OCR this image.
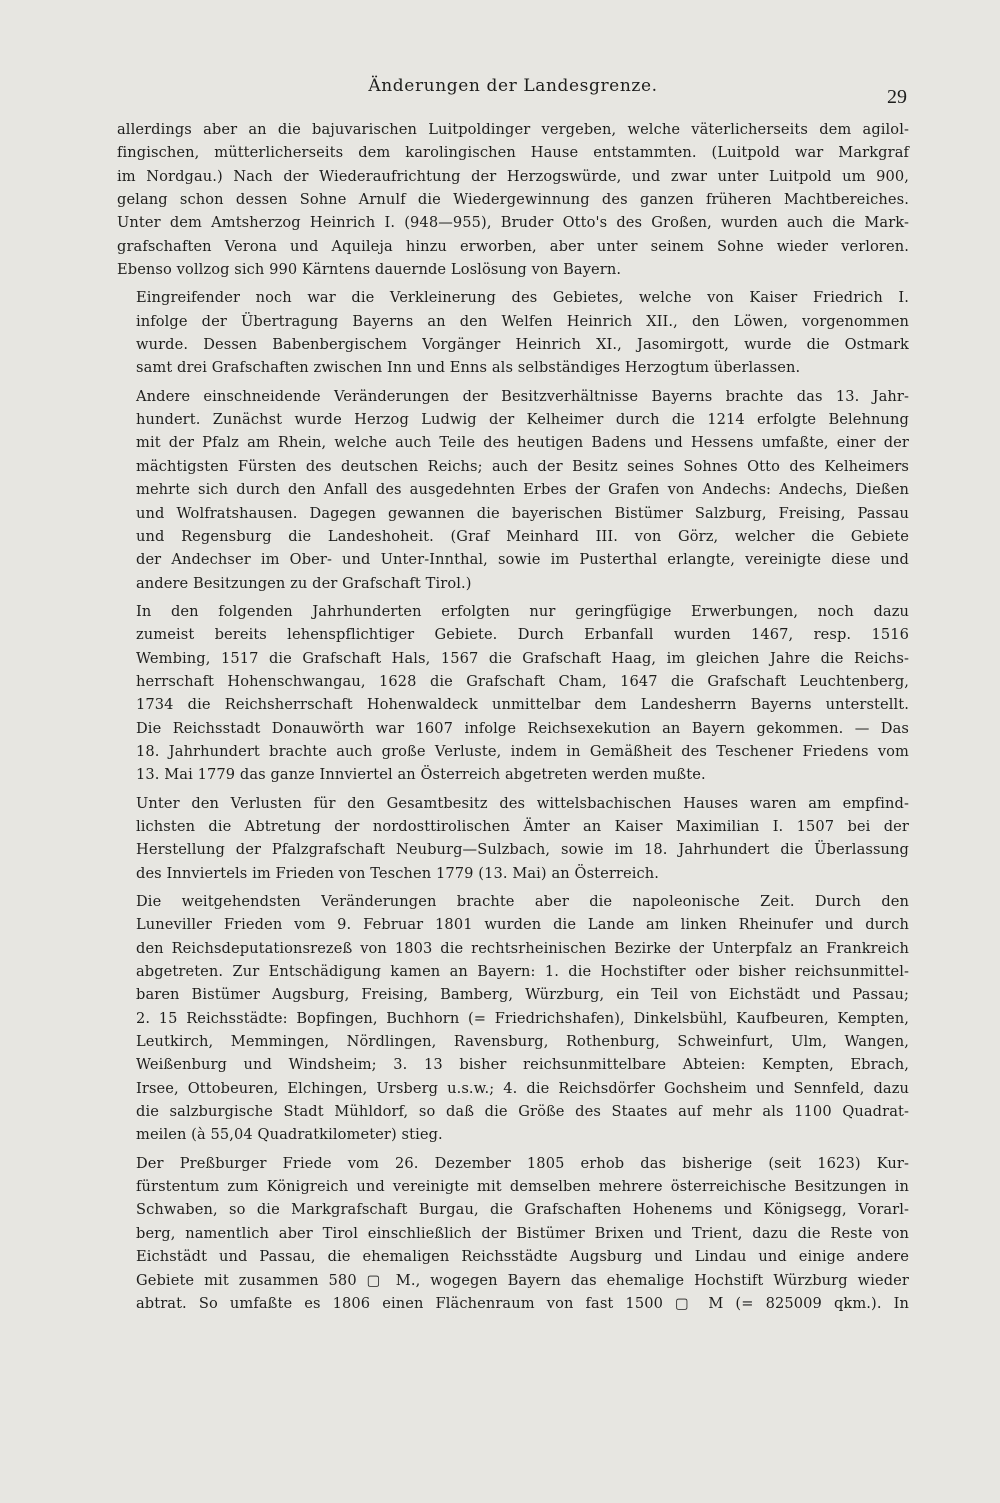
Änderungen der Landesgrenze.	29

allerdings aber an die bajuvarischen Luitpoldinger vergeben, welche väterlicherseits dem agilol-
fingischen, mütterlicherseits dem karolingischen Hause entstammten. (Luitpold war Markgraf
im Nordgau.) Nach der Wiederaufrichtung der Herzogswürde, und zwar unter Luitpold um 900,
gelang schon dessen Sohne Arnulf die Wiedergewinnung des ganzen früheren Machtbereiches.
Unter dem Amtsherzog Heinrich I. (948—955), Bruder Otto's des Großen, wurden auch die Mark-
grafschaften Verona und Aquileja hinzu erworben, aber unter seinem Sohne wieder verloren.
Ebenso vollzog sich 990 Kärntens dauernde Loslösung von Bayern.

Eingreifender noch war die Verkleinerung des Gebietes, welche von Kaiser Friedrich I.
infolge der Übertragung Bayerns an den Welfen Heinrich XII., den Löwen, vorgenommen
wurde. Dessen Babenbergischem Vorgänger Heinrich XI., Jasomirgott, wurde die Ostmark
samt drei Grafschaften zwischen Inn und Enns als selbständiges Herzogtum überlassen.

Andere einschneidende Veränderungen der Besitzverhältnisse Bayerns brachte das 13. Jahr-
hundert. Zunächst wurde Herzog Ludwig der Kelheimer durch die 1214 erfolgte Belehnung
mit der Pfalz am Rhein, welche auch Teile des heutigen Badens und Hessens umfaßte, einer der
mächtigsten Fürsten des deutschen Reichs; auch der Besitz seines Sohnes Otto des Kelheimers
mehrte sich durch den Anfall des ausgedehnten Erbes der Grafen von Andechs: Andechs, Dießen
und Wolfratshausen. Dagegen gewannen die bayerischen Bistümer Salzburg, Freising, Passau
und Regensburg die Landeshoheit. (Graf Meinhard III. von Görz, welcher die Gebiete
der Andechser im Ober- und Unter-Innthal, sowie im Pusterthal erlangte, vereinigte diese und
andere Besitzungen zu der Grafschaft Tirol.)

In den folgenden Jahrhunderten erfolgten nur geringfügige Erwerbungen, noch dazu
zumeist bereits lehenspflichtiger Gebiete. Durch Erbanfall wurden 1467, resp. 1516
Wembing, 1517 die Grafschaft Hals, 1567 die Grafschaft Haag, im gleichen Jahre die Reichs-
herrschaft Hohenschwangau, 1628 die Grafschaft Cham, 1647 die Grafschaft Leuchtenberg,
1734 die Reichsherrschaft Hohenwaldeck unmittelbar dem Landesherrn Bayerns unterstellt.
Die Reichsstadt Donauwörth war 1607 infolge Reichsexekution an Bayern gekommen. — Das
18. Jahrhundert brachte auch große Verluste, indem in Gemäßheit des Teschener Friedens vom
13. Mai 1779 das ganze Innviertel an Österreich abgetreten werden mußte.

Unter den Verlusten für den Gesamtbesitz des wittelsbachischen Hauses waren am empfind-
lichsten die Abtretung der nordosttirolischen Ämter an Kaiser Maximilian I. 1507 bei der
Herstellung der Pfalzgrafschaft Neuburg—Sulzbach, sowie im 18. Jahrhundert die Überlassung
des Innviertels im Frieden von Teschen 1779 (13. Mai) an Österreich.

Die weitgehendsten Veränderungen brachte aber die napoleonische Zeit. Durch den
Luneviller Frieden vom 9. Februar 1801 wurden die Lande am linken Rheinufer und durch
den Reichsdeputationsrezeß von 1803 die rechtsrheinischen Bezirke der Unterpfalz an Frankreich
abgetreten. Zur Entschädigung kamen an Bayern: 1. die Hochstifter oder bisher reichsunmittel-
baren Bistümer Augsburg, Freising, Bamberg, Würzburg, ein Teil von Eichstädt und Passau;
2. 15 Reichsstädte: Bopfingen, Buchhorn (= Friedrichshafen), Dinkelsbühl, Kaufbeuren, Kempten,
Leutkirch, Memmingen, Nördlingen, Ravensburg, Rothenburg, Schweinfurt, Ulm, Wangen,
Weißenburg und Windsheim; 3. 13 bisher reichsunmittelbare Abteien: Kempten, Ebrach,
Irsee, Ottobeuren, Elchingen, Ursberg u.s.w.; 4. die Reichsdörfer Gochsheim und Sennfeld, dazu
die salzburgische Stadt Mühldorf, so daß die Größe des Staates auf mehr als 1100 Quadrat-
meilen (à 55,04 Quadratkilometer) stieg.

Der Preßburger Friede vom 26. Dezember 1805 erhob das bisherige (seit 1623) Kur-
fürstentum zum Königreich und vereinigte mit demselben mehrere österreichische Besitzungen in
Schwaben, so die Markgrafschaft Burgau, die Grafschaften Hohenems und Königsegg, Vorarl-
berg, namentlich aber Tirol einschließlich der Bistümer Brixen und Trient, dazu die Reste von
Eichstädt und Passau, die ehemaligen Reichsstädte Augsburg und Lindau und einige andere
Gebiete mit zusammen 580 ▢ M., wogegen Bayern das ehemalige Hochstift Würzburg wieder
abtrat. So umfaßte es 1806 einen Flächenraum von fast 1500 ▢ M (= 825009 qkm.). In
